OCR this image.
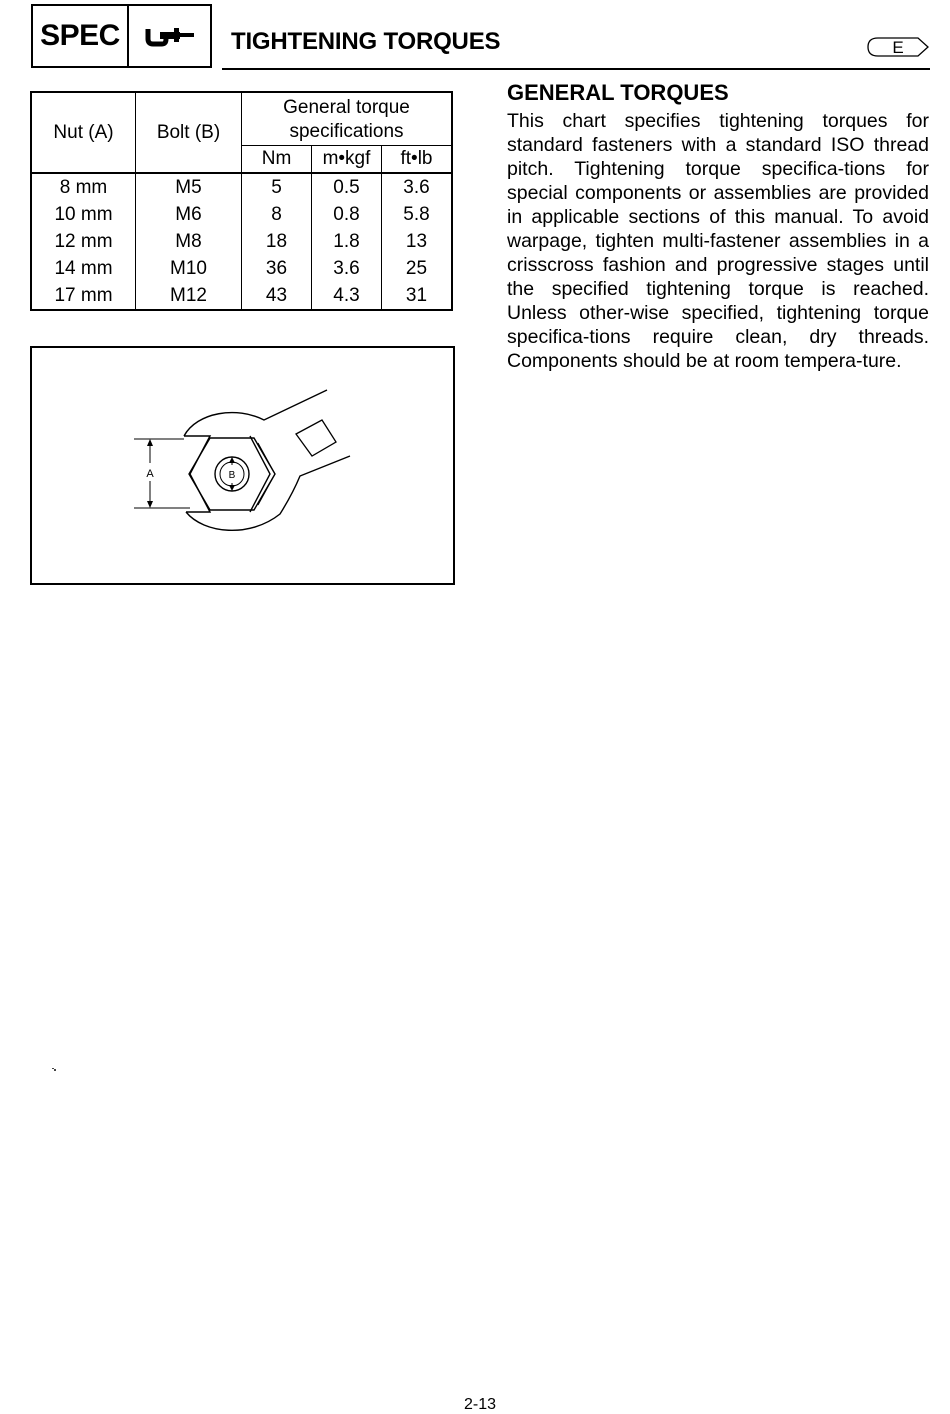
SPEC	TIGHTENING TORQUES	E
Nut (A)	Bolt (B)	General torque specifications		

		Nm	m•kgf	ft•lb
8 mm	M5	5	0.5	3.6
10 mm	M6	8	0.8	5.8
12 mm	M8	18	1.8	13
14 mm	M10	36	3.6	25
17 mm	M12	43	4.3	31
A	B
GENERAL TORQUES
This chart specifies tightening torques for standard fasteners with a standard ISO thread pitch. Tightening torque specifica-tions for special components or assemblies are provided in applicable sections of this manual. To avoid warpage, tighten multi-fastener assemblies in a crisscross fashion and progressive stages until the specified tightening torque is reached. Unless other-wise specified, tightening torque specifica-tions require clean, dry threads. Components should be at room tempera-ture.
2-13
